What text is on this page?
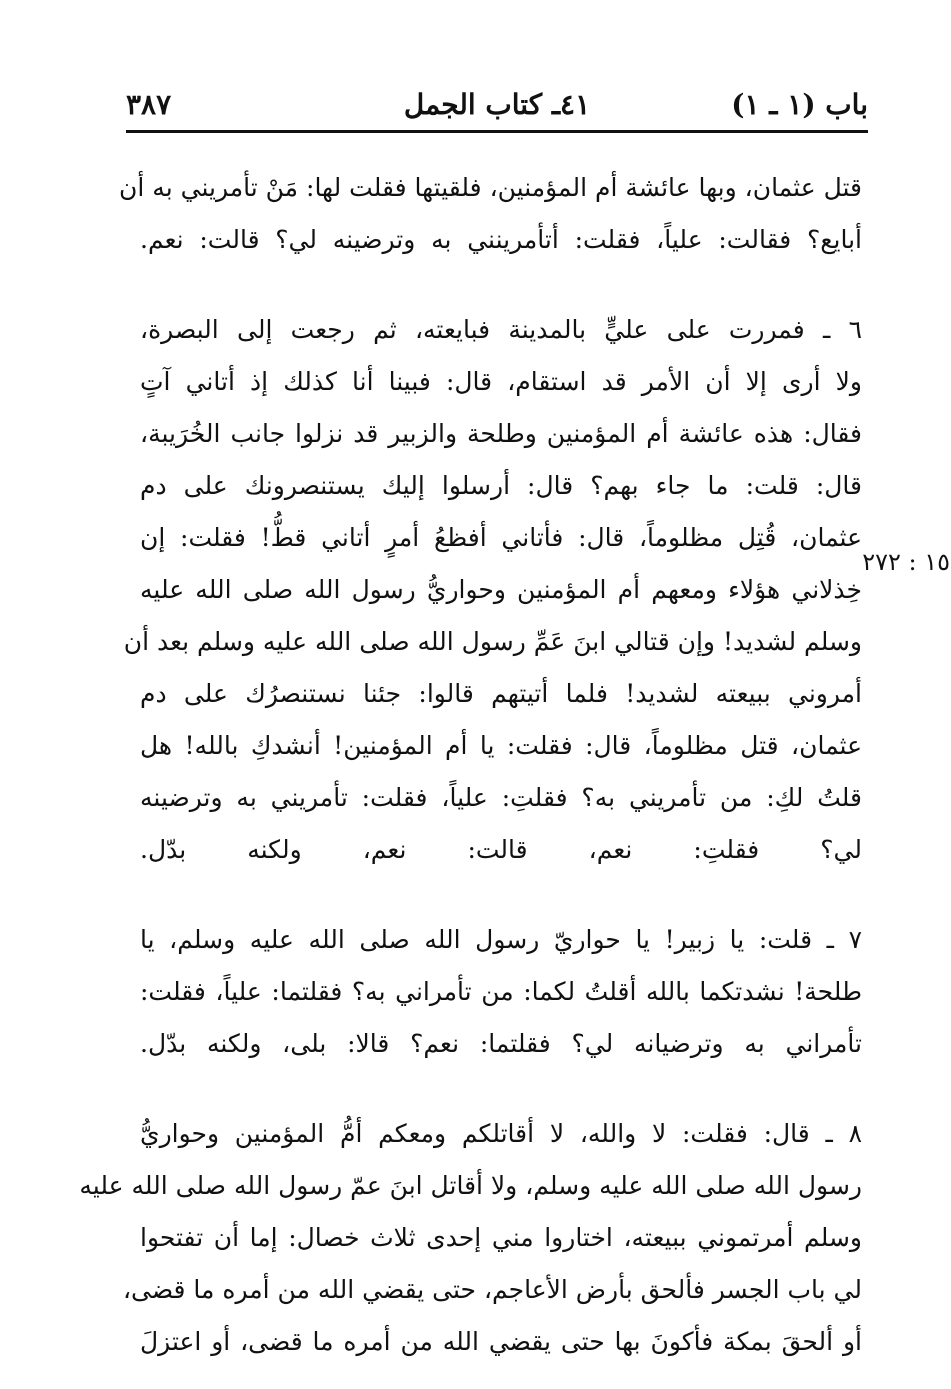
باب (١ ـ ١)
٤١ـ كتاب الجمل
٣٨٧
١٥ : ٢٧٢
قتل عثمان، وبها عائشة أم المؤمنين، فلقيتها فقلت لها: مَنْ تأمريني به أن
أبايع؟ فقالت: علياً، فقلت: أتأمرينني به وترضينه لي؟ قالت: نعم.
٦ ـ فمررت على عليٍّ بالمدينة فبايعته، ثم رجعت إلى البصرة،
ولا أرى إلا أن الأمر قد استقام، قال: فبينا أنا كذلك إذ أتاني آتٍ
فقال: هذه عائشة أم المؤمنين وطلحة والزبير قد نزلوا جانب الخُرَيبة،
قال: قلت: ما جاء بهم؟ قال: أرسلوا إليك يستنصرونك على دم
عثمان، قُتِل مظلوماً، قال: فأتاني أفظعُ أمرٍ أتاني قطُّ! فقلت: إن
خِذلاني هؤلاء ومعهم أم المؤمنين وحواريُّ رسول الله صلى الله عليه
وسلم لشديد! وإن قتالي ابنَ عَمِّ رسول الله صلى الله عليه وسلم بعد أن
أمروني ببيعته لشديد! فلما أتيتهم قالوا: جئنا نستنصرُك على دم
عثمان، قتل مظلوماً، قال: فقلت: يا أم المؤمنين! أنشدكِ بالله! هل
قلتُ لكِ: من تأمريني به؟ فقلتِ: علياً، فقلت: تأمريني به وترضينه
لي؟ فقلتِ: نعم، قالت: نعم، ولكنه بدّل.
٧ ـ قلت: يا زبير! يا حواريّ رسول الله صلى الله عليه وسلم، يا
طلحة! نشدتكما بالله أقلتُ لكما: من تأمراني به؟ فقلتما: علياً، فقلت:
تأمراني به وترضيانه لي؟ فقلتما: نعم؟ قالا: بلى، ولكنه بدّل.
٨ ـ قال: فقلت: لا والله، لا أقاتلكم ومعكم أمُّ المؤمنين وحواريُّ
رسول الله صلى الله عليه وسلم، ولا أقاتل ابنَ عمّ رسول الله صلى الله عليه
وسلم أمرتموني ببيعته، اختاروا مني إحدى ثلاث خصال: إما أن تفتحوا
لي باب الجسر فألحق بأرض الأعاجم، حتى يقضي الله من أمره ما قضى،
أو ألحقَ بمكة فأكونَ بها حتى يقضي الله من أمره ما قضى، أو اعتزلَ
